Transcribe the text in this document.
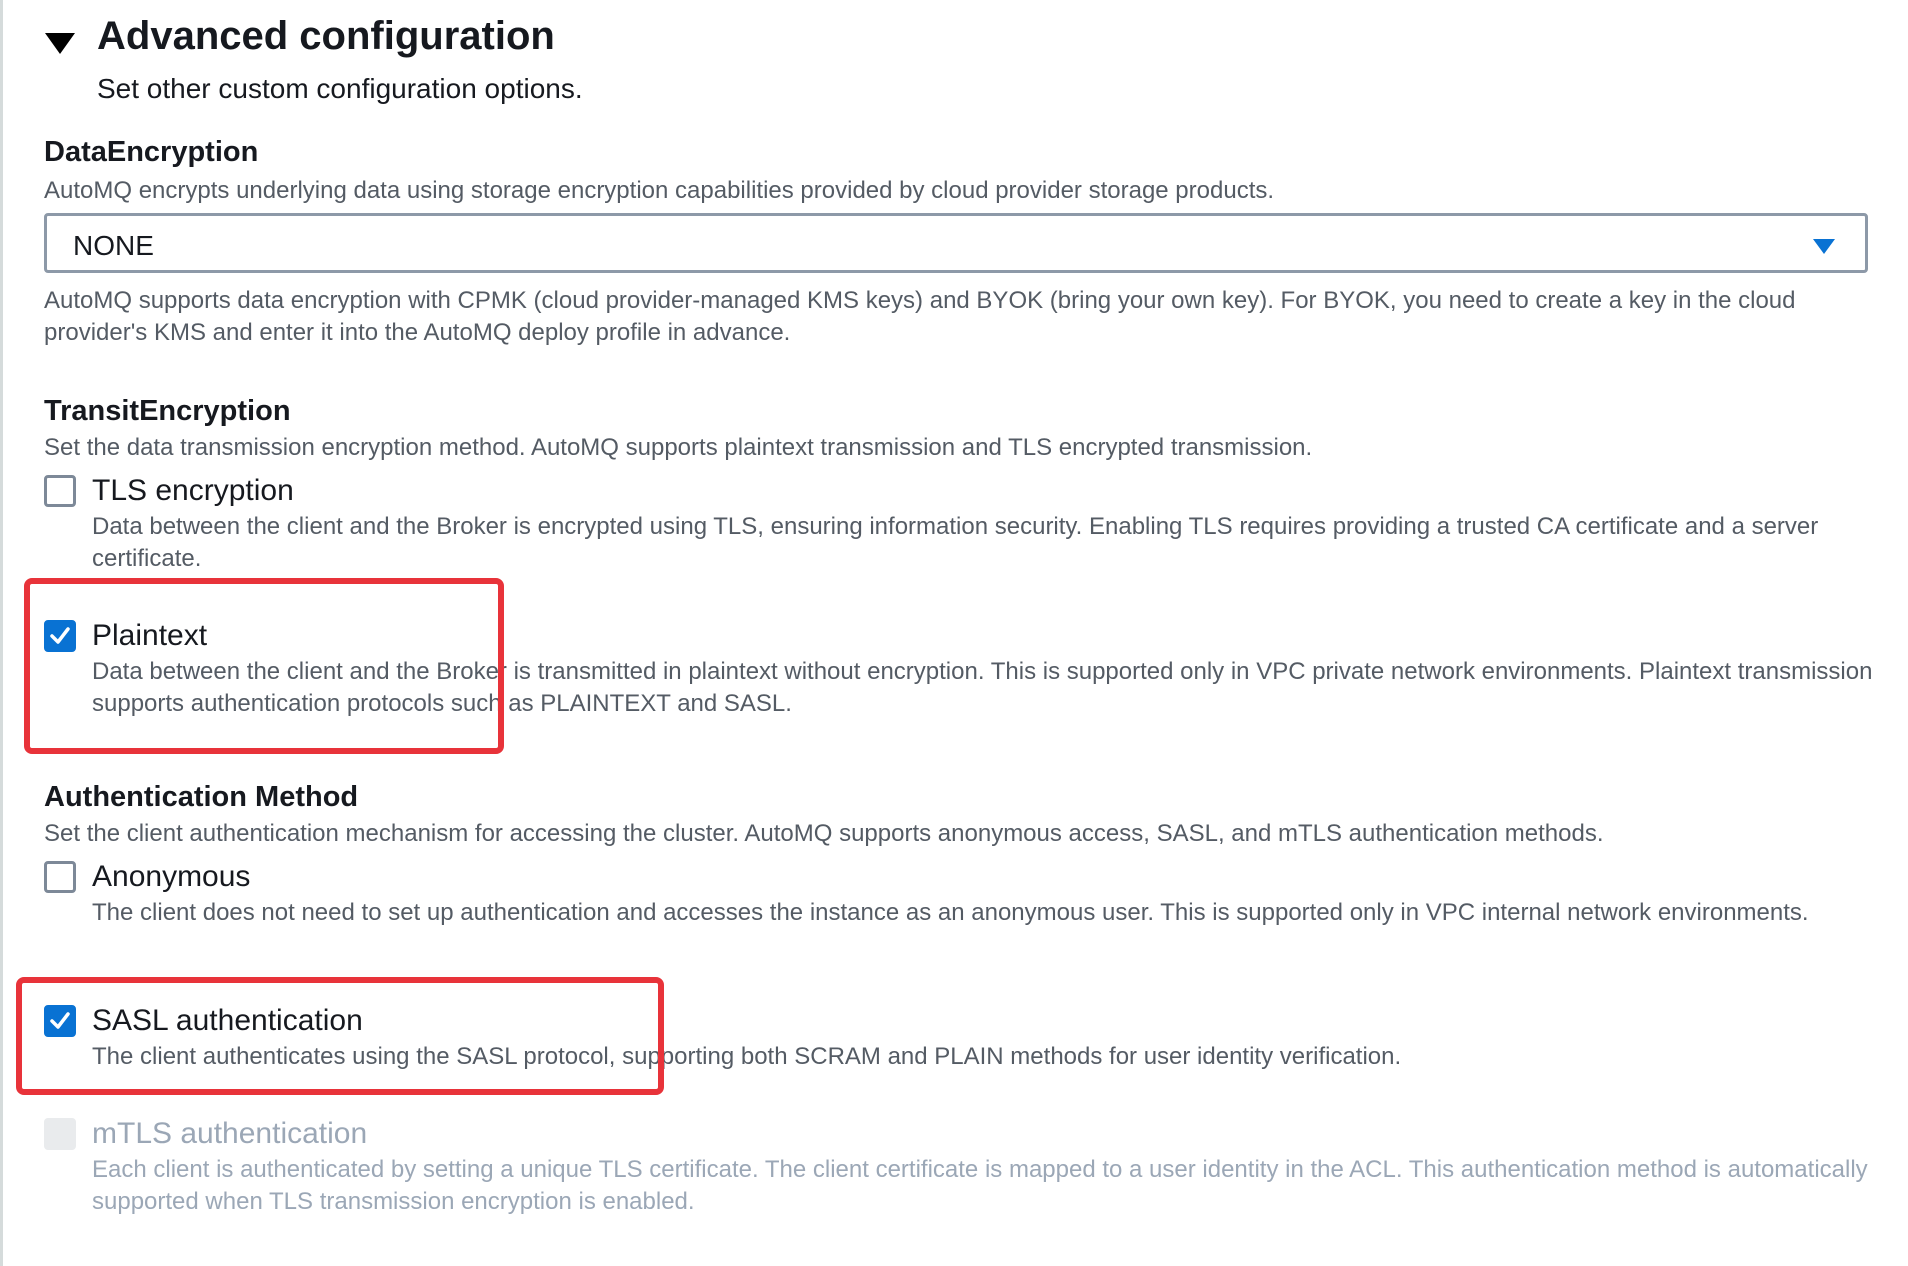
Advanced configuration
Set other custom configuration options.
DataEncryption
AutoMQ encrypts underlying data using storage encryption capabilities provided by cloud provider storage products.
NONE
AutoMQ supports data encryption with CPMK (cloud provider-managed KMS keys) and BYOK (bring your own key). For BYOK, you need to create a key in the cloud provider's KMS and enter it into the AutoMQ deploy profile in advance.
TransitEncryption
Set the data transmission encryption method. AutoMQ supports plaintext transmission and TLS encrypted transmission.
TLS encryption
Data between the client and the Broker is encrypted using TLS, ensuring information security. Enabling TLS requires providing a trusted CA certificate and a server certificate.
Plaintext
Data between the client and the Broker is transmitted in plaintext without encryption. This is supported only in VPC private network environments. Plaintext transmission supports authentication protocols such as PLAINTEXT and SASL.
Authentication Method
Set the client authentication mechanism for accessing the cluster. AutoMQ supports anonymous access, SASL, and mTLS authentication methods.
Anonymous
The client does not need to set up authentication and accesses the instance as an anonymous user. This is supported only in VPC internal network environments.
SASL authentication
The client authenticates using the SASL protocol, supporting both SCRAM and PLAIN methods for user identity verification.
mTLS authentication
Each client is authenticated by setting a unique TLS certificate. The client certificate is mapped to a user identity in the ACL. This authentication method is automatically supported when TLS transmission encryption is enabled.
